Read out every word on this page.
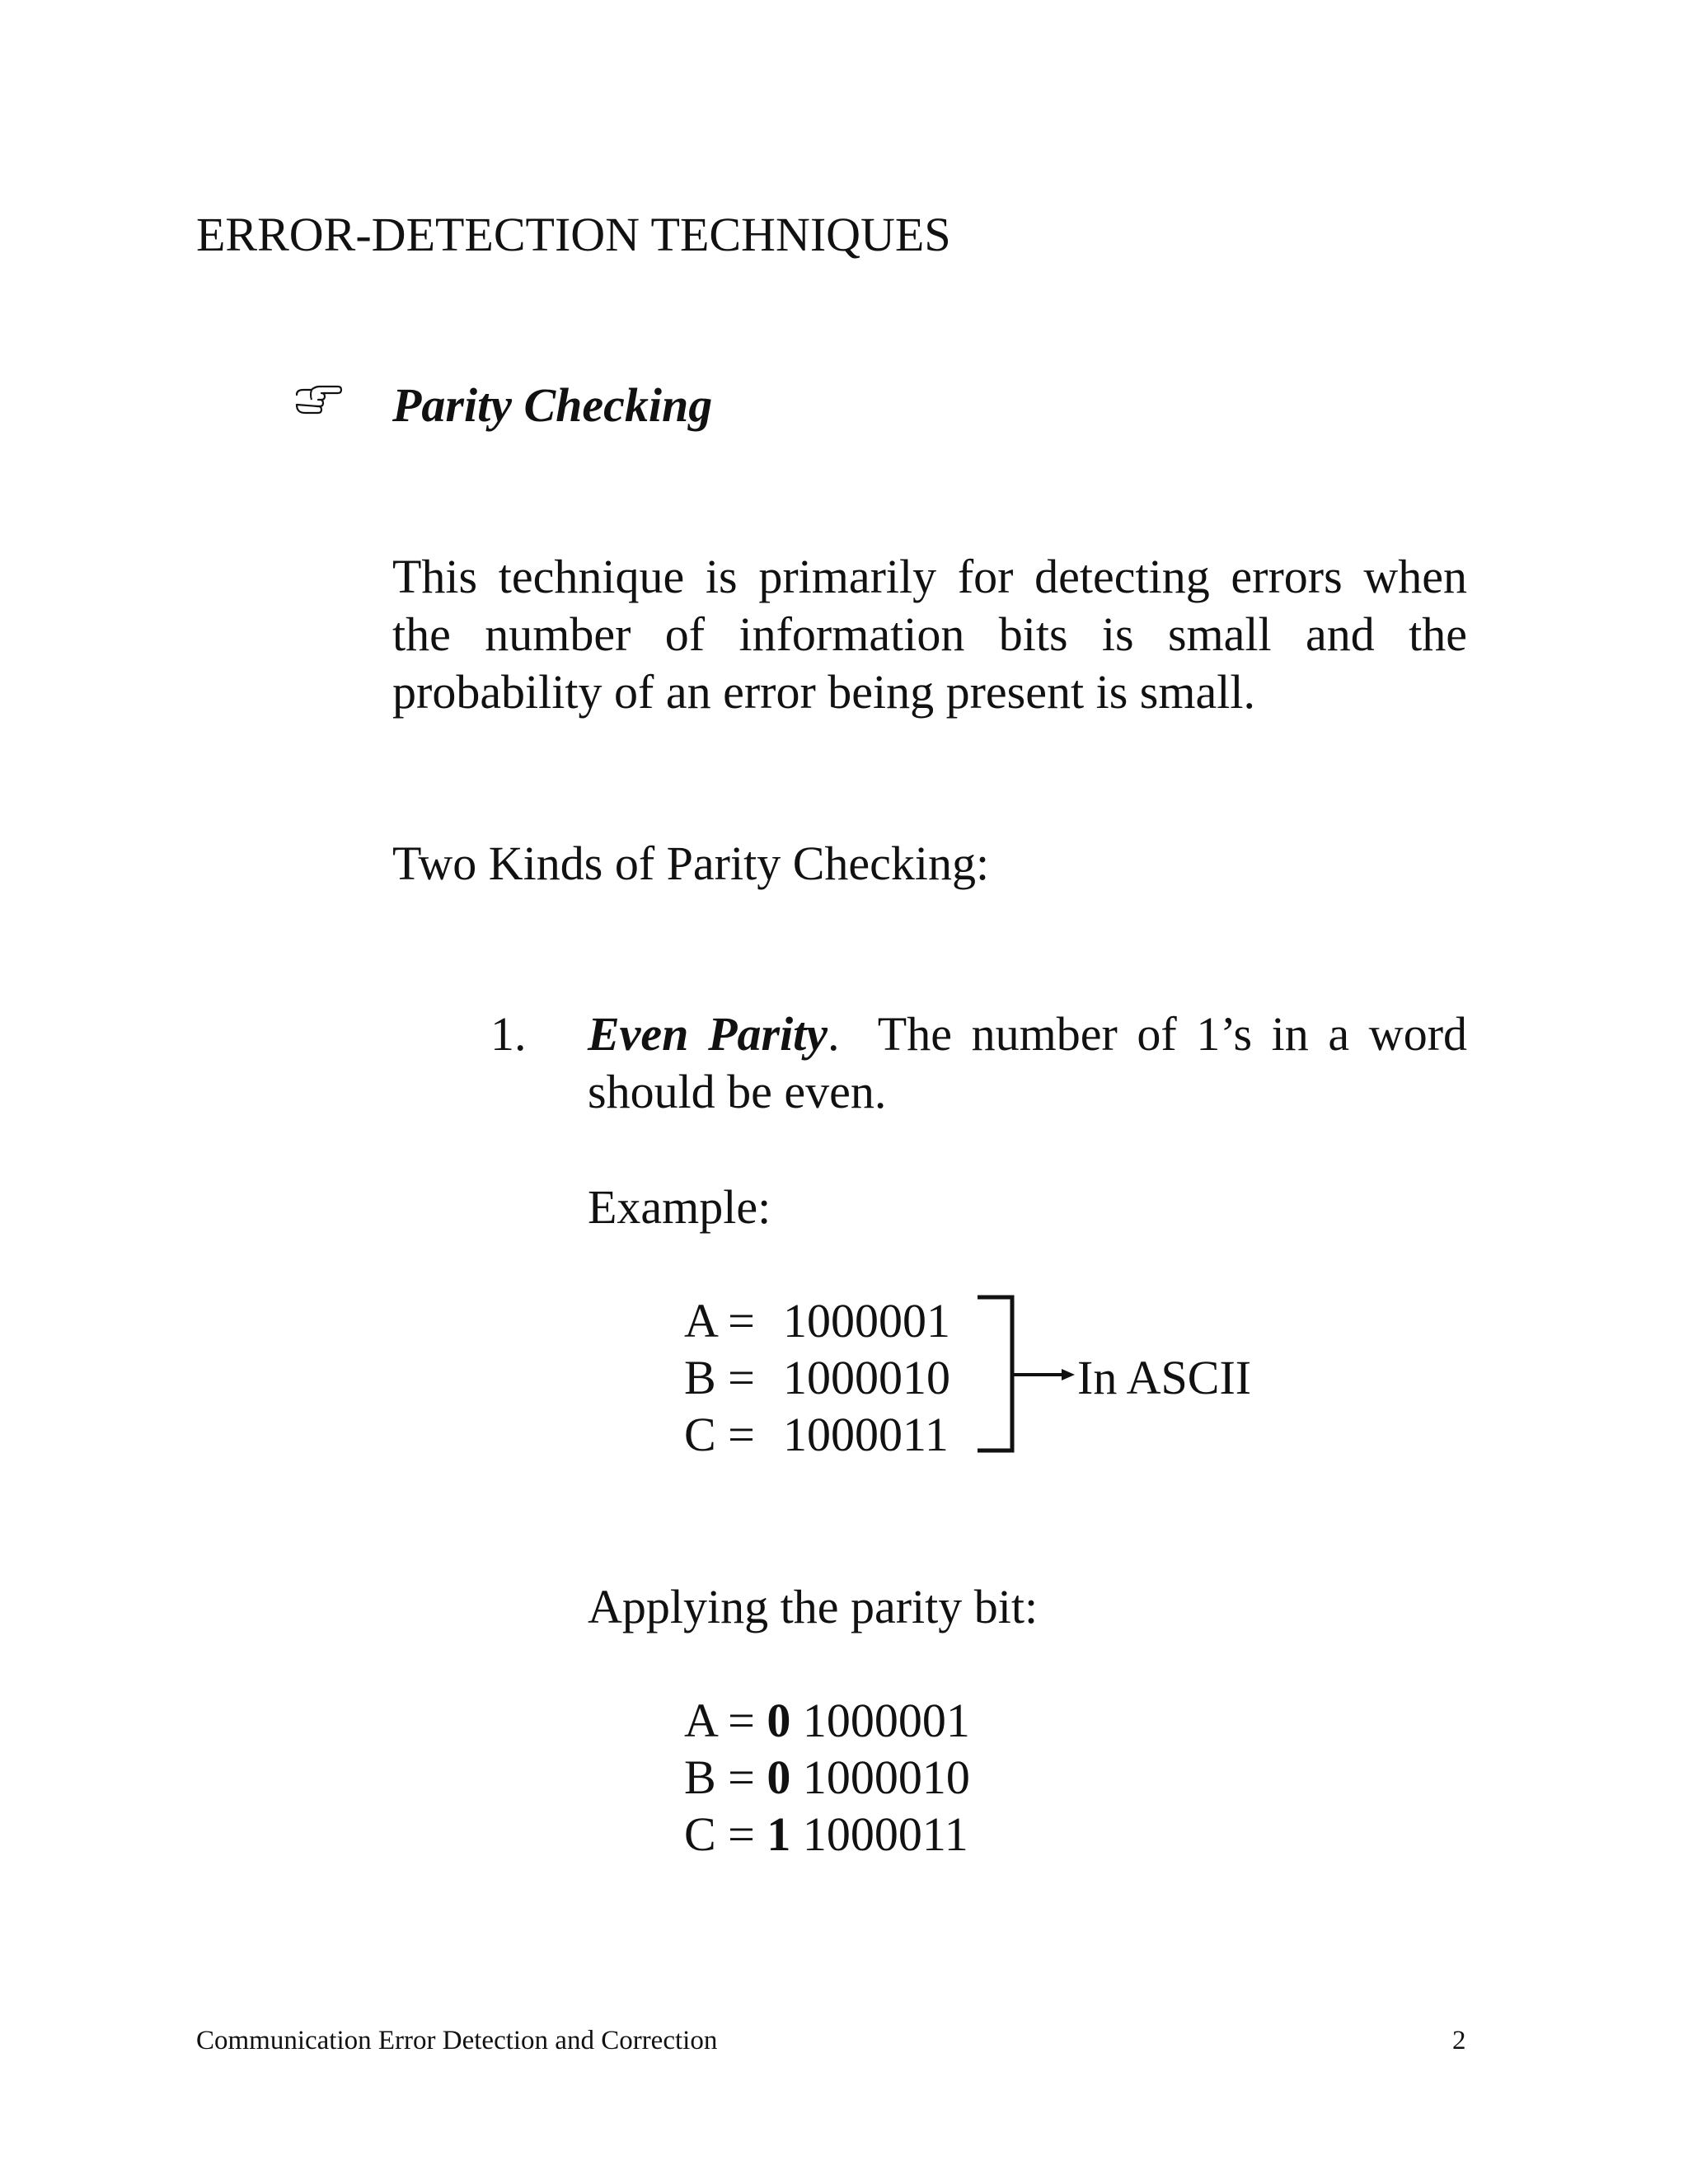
ERROR-DETECTION TECHNIQUES
Parity Checking
This technique is primarily for detecting errors when
the number of information bits is small and the
probability of an error being present is small.
Two Kinds of Parity Checking:
1. Even Parity. The number of 1’s in a word
should be even.
Example:
A = 1000001
B = 1000010
C = 1000011
In ASCII
Applying the parity bit:
A = 0 1000001
B = 0 1000010
C = 1 1000011
Communication Error Detection and Correction	2
